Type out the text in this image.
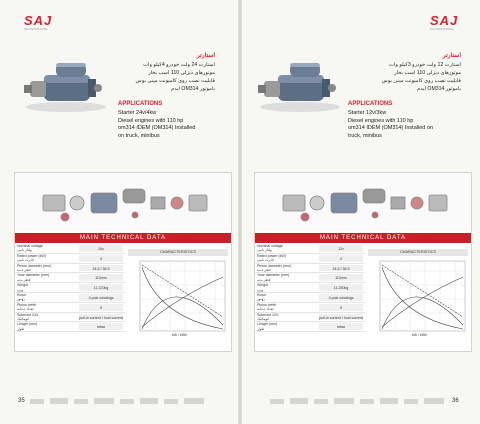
SAJ
SAJ INDUSTRIAL
SAJ
SAJ INDUSTRIAL
استارتر
استارت 24 ولت خودرو 4کیلو وات
موتورهای دیزلی 110 اسب بخار
قابلیت نصب روی کامیونت مینی بوس
باموتور OM314 ایدم
APPLICATIONS
Starter 24v/4kw
Diesel engines with 110 hp
om314 IDEM (OM314) Installed
on truck, minibus
MAIN TECHNICAL DATA
Nominal voltage
ولتاژ نامی	24v
Rated power (kW)
قدرت نامی	4
Pinion diameter (mm)
قطر دنده	34.5 / 36.5
Yoke diameter (mm)
قطر بدنه	113mm
Weight
وزن	11.220kg
Rotor
روتور	4 pole windings
Pinion teeth
تعداد دندانه	9
Solenoid 24V
اتوماتیک	pull-in current / hold current
Length (mm)
طول	mbar
CHARACTERISTICS
kW / kWh
استارتر
استارت 12 ولت خودرو 3کیلو وات
موتورهای دیزلی 110 اسب بخار
قابلیت نصب روی کامیونت مینی بوس
باموتور OM314 ایدم
APPLICATIONS
Starter 12v/3kw
Diesel engines with 110 hp
om314 IDEM (OM314) Installed on
truck, minibus
MAIN TECHNICAL DATA
Nominal voltage
ولتاژ نامی	12v
Rated power (kW)
قدرت نامی	3
Pinion diameter (mm)
قطر دنده	34.5 / 36.5
Yoke diameter (mm)
قطر بدنه	113mm
Weight
وزن	11.250kg
Rotor
روتور	4 pole windings
Pinion teeth
تعداد دندانه	9
Solenoid 12V
اتوماتیک	pull-in current / hold current
Length (mm)
طول	mbar
CHARACTERISTICS
kW / kWh
35	36
